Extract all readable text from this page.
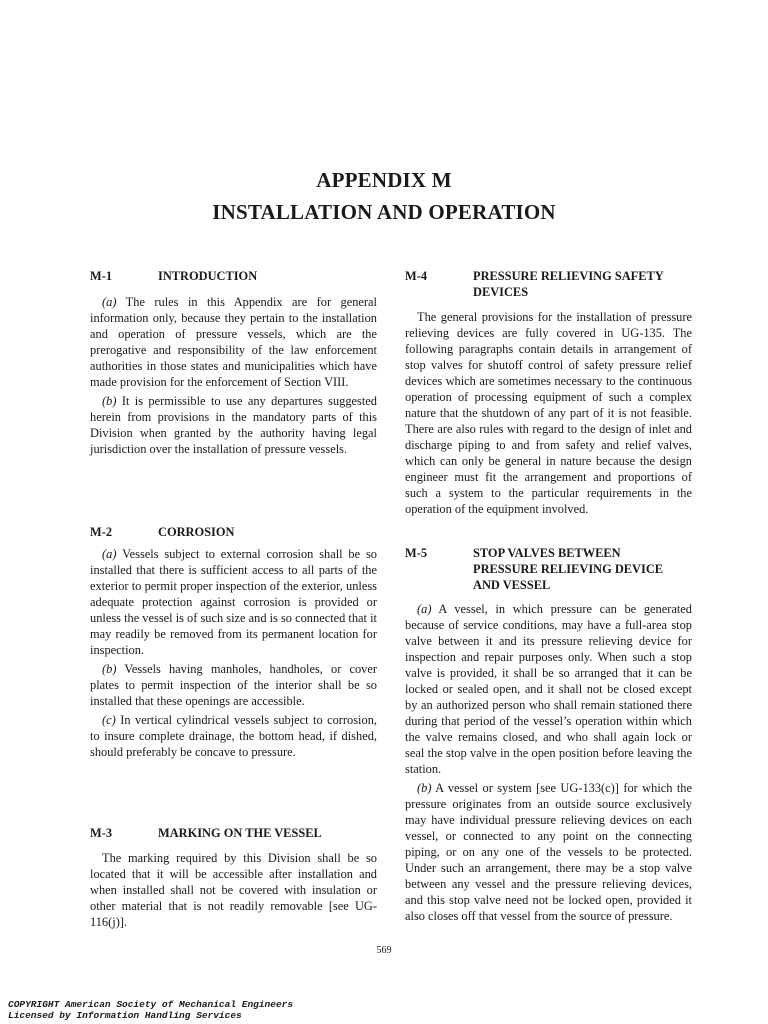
APPENDIX M
INSTALLATION AND OPERATION
M-1	INTRODUCTION

(a) The rules in this Appendix are for general information only, because they pertain to the installation and operation of pressure vessels, which are the prerogative and responsibility of the law enforcement authorities in those states and municipalities which have made provision for the enforcement of Section VIII.

(b) It is permissible to use any departures suggested herein from provisions in the mandatory parts of this Division when granted by the authority having legal jurisdiction over the installation of pressure vessels.

M-2	CORROSION

(a) Vessels subject to external corrosion shall be so installed that there is sufficient access to all parts of the exterior to permit proper inspection of the exterior, unless adequate protection against corrosion is provided or unless the vessel is of such size and is so connected that it may readily be removed from its permanent location for inspection.

(b) Vessels having manholes, handholes, or cover plates to permit inspection of the interior shall be so installed that these openings are accessible.

(c) In vertical cylindrical vessels subject to corrosion, to insure complete drainage, the bottom head, if dished, should preferably be concave to pressure.

M-3	MARKING ON THE VESSEL

The marking required by this Division shall be so located that it will be accessible after installation and when installed shall not be covered with insulation or other material that is not readily removable [see UG-116(j)].

M-4	PRESSURE RELIEVING SAFETY DEVICES

The general provisions for the installation of pressure relieving devices are fully covered in UG-135. The following paragraphs contain details in arrangement of stop valves for shutoff control of safety pressure relief devices which are sometimes necessary to the continuous operation of processing equipment of such a complex nature that the shutdown of any part of it is not feasible. There are also rules with regard to the design of inlet and discharge piping to and from safety and relief valves, which can only be general in nature because the design engineer must fit the arrangement and proportions of such a system to the particular requirements in the operation of the equipment involved.

M-5	STOP VALVES BETWEEN PRESSURE RELIEVING DEVICE AND VESSEL

(a) A vessel, in which pressure can be generated because of service conditions, may have a full-area stop valve between it and its pressure relieving device for inspection and repair purposes only. When such a stop valve is provided, it shall be so arranged that it can be locked or sealed open, and it shall not be closed except by an authorized person who shall remain stationed there during that period of the vessel’s operation within which the valve remains closed, and who shall again lock or seal the stop valve in the open position before leaving the station.

(b) A vessel or system [see UG-133(c)] for which the pressure originates from an outside source exclusively may have individual pressure relieving devices on each vessel, or connected to any point on the connecting piping, or on any one of the vessels to be protected. Under such an arrangement, there may be a stop valve between any vessel and the pressure relieving devices, and this stop valve need not be locked open, provided it also closes off that vessel from the source of pressure.

569
COPYRIGHT American Society of Mechanical Engineers
Licensed by Information Handling Services
